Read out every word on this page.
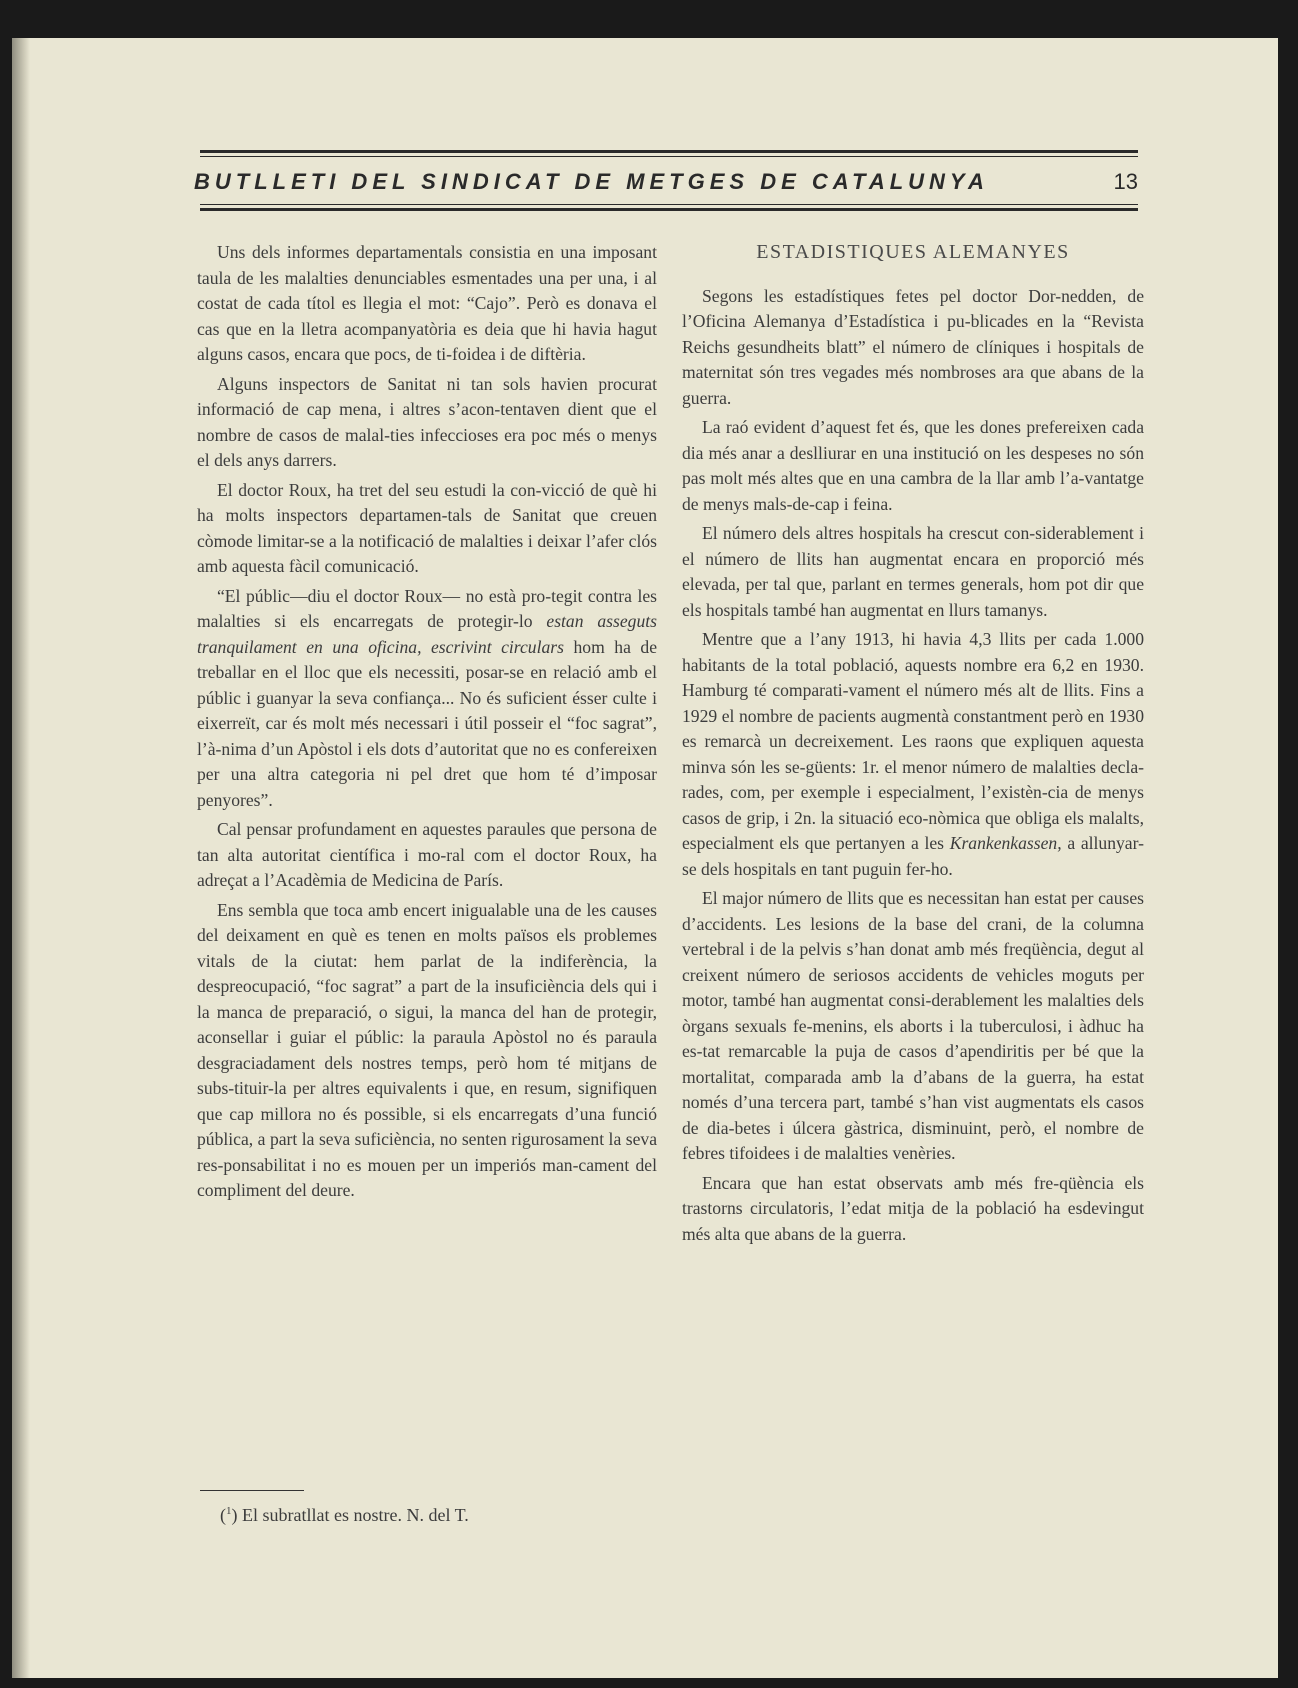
BUTLLETI DEL SINDICAT DE METGES DE CATALUNYA	13

Uns dels informes departamentals consistia en una imposant taula de les malalties denunciables esmentades una per una, i al costat de cada títol es llegia el mot: “Cajo”. Però es donava el cas que en la lletra acompanyatòria es deia que hi havia hagut alguns casos, encara que pocs, de ti-foidea i de diftèria.

Alguns inspectors de Sanitat ni tan sols havien procurat informació de cap mena, i altres s’acon-tentaven dient que el nombre de casos de malal-ties infeccioses era poc més o menys el dels anys darrers.

El doctor Roux, ha tret del seu estudi la con-vicció de què hi ha molts inspectors departamen-tals de Sanitat que creuen còmode limitar-se a la notificació de malalties i deixar l’afer clós amb aquesta fàcil comunicació.

“El públic—diu el doctor Roux— no està pro-tegit contra les malalties si els encarregats de protegir-lo estan asseguts tranquilament en una oficina, escrivint circulars hom ha de treballar en el lloc que els necessiti, posar-se en relació amb el públic i guanyar la seva confiança... No és suficient ésser culte i eixerreït, car és molt més necessari i útil posseir el “foc sagrat”, l’à-nima d’un Apòstol i els dots d’autoritat que no es confereixen per una altra categoria ni pel dret que hom té d’imposar penyores”.

Cal pensar profundament en aquestes paraules que persona de tan alta autoritat científica i mo-ral com el doctor Roux, ha adreçat a l’Acadèmia de Medicina de París.

Ens sembla que toca amb encert inigualable una de les causes del deixament en què es tenen en molts països els problemes vitals de la ciutat: hem parlat de la indiferència, la despreocupació, “foc sagrat” a part de la insuficiència dels qui i la manca de preparació, o sigui, la manca del han de protegir, aconsellar i guiar el públic: la paraula Apòstol no és paraula desgraciadament dels nostres temps, però hom té mitjans de subs-tituir-la per altres equivalents i que, en resum, signifiquen que cap millora no és possible, si els encarregats d’una funció pública, a part la seva suficiència, no senten rigurosament la seva res-ponsabilitat i no es mouen per un imperiós man-cament del compliment del deure.

($^1$) El subratllat es nostre. N. del T.
ESTADISTIQUES ALEMANYES

Segons les estadístiques fetes pel doctor Dor-nedden, de l’Oficina Alemanya d’Estadística i pu-blicades en la “Revista Reichs gesundheits blatt” el número de clíniques i hospitals de maternitat són tres vegades més nombroses ara que abans de la guerra.

La raó evident d’aquest fet és, que les dones prefereixen cada dia més anar a deslliurar en una institució on les despeses no són pas molt més altes que en una cambra de la llar amb l’a-vantatge de menys mals-de-cap i feina.

El número dels altres hospitals ha crescut con-siderablement i el número de llits han augmentat encara en proporció més elevada, per tal que, parlant en termes generals, hom pot dir que els hospitals també han augmentat en llurs tamanys.

Mentre que a l’any 1913, hi havia 4,3 llits per cada 1.000 habitants de la total població, aquests nombre era 6,2 en 1930. Hamburg té comparati-vament el número més alt de llits. Fins a 1929 el nombre de pacients augmentà constantment però en 1930 es remarcà un decreixement. Les raons que expliquen aquesta minva són les se-güents: 1r. el menor número de malalties decla-rades, com, per exemple i especialment, l’existèn-cia de menys casos de grip, i 2n. la situació eco-nòmica que obliga els malalts, especialment els que pertanyen a les Krankenkassen, a allunyar-se dels hospitals en tant puguin fer-ho.

El major número de llits que es necessitan han estat per causes d’accidents. Les lesions de la base del crani, de la columna vertebral i de la pelvis s’han donat amb més freqüència, degut al creixent número de seriosos accidents de vehicles moguts per motor, també han augmentat consi-derablement les malalties dels òrgans sexuals fe-menins, els aborts i la tuberculosi, i àdhuc ha es-tat remarcable la puja de casos d’apendiritis per bé que la mortalitat, comparada amb la d’abans de la guerra, ha estat només d’una tercera part, també s’han vist augmentats els casos de dia-betes i úlcera gàstrica, disminuint, però, el nombre de febres tifoidees i de malalties venèries.

Encara que han estat observats amb més fre-qüència els trastorns circulatoris, l’edat mitja de la població ha esdevingut més alta que abans de la guerra.
